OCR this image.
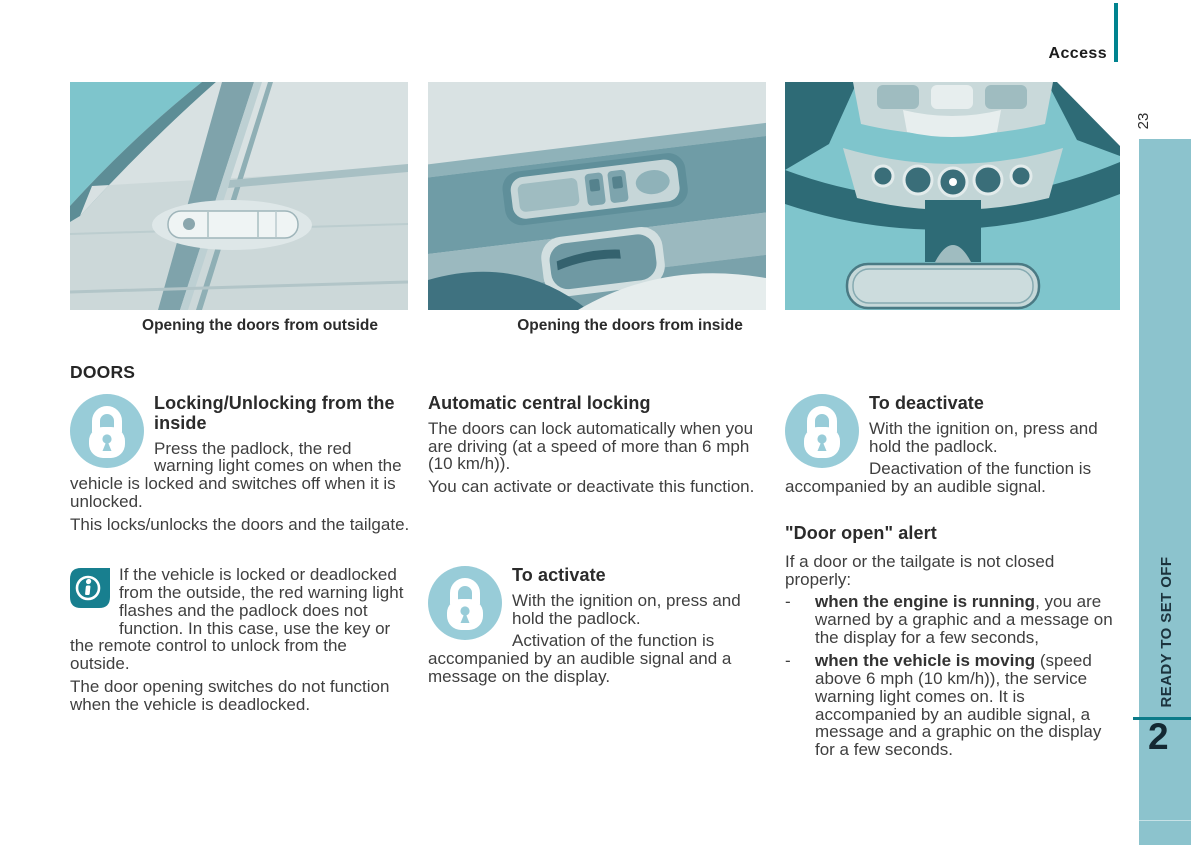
Access
23
READY TO SET OFF
2
Opening the doors from outside	Opening the doors from inside
DOORS
Locking/Unlocking from the inside

Press the padlock, the red warning light comes on when the vehicle is locked and switches off when it is unlocked.

This locks/unlocks the doors and the tailgate.

If the vehicle is locked or deadlocked from the outside, the red warning light flashes and the padlock does not function. In this case, use the key or the remote control to unlock from the outside.

The door opening switches do not function when the vehicle is deadlocked.

Automatic central locking

The doors can lock automatically when you are driving (at a speed of more than 6 mph (10 km/h)).

You can activate or deactivate this function.

To activate

With the ignition on, press and hold the padlock.

Activation of the function is accompanied by an audible signal and a message on the display.

To deactivate

With the ignition on, press and hold the padlock.

Deactivation of the function is accompanied by an audible signal.

"Door open" alert

If a door or the tailgate is not closed properly:

-	when the engine is running, you are warned by a graphic and a message on the display for a few seconds,
-	when the vehicle is moving (speed above 6 mph (10 km/h)), the service warning light comes on. It is accompanied by an audible signal, a message and a graphic on the display for a few seconds.
